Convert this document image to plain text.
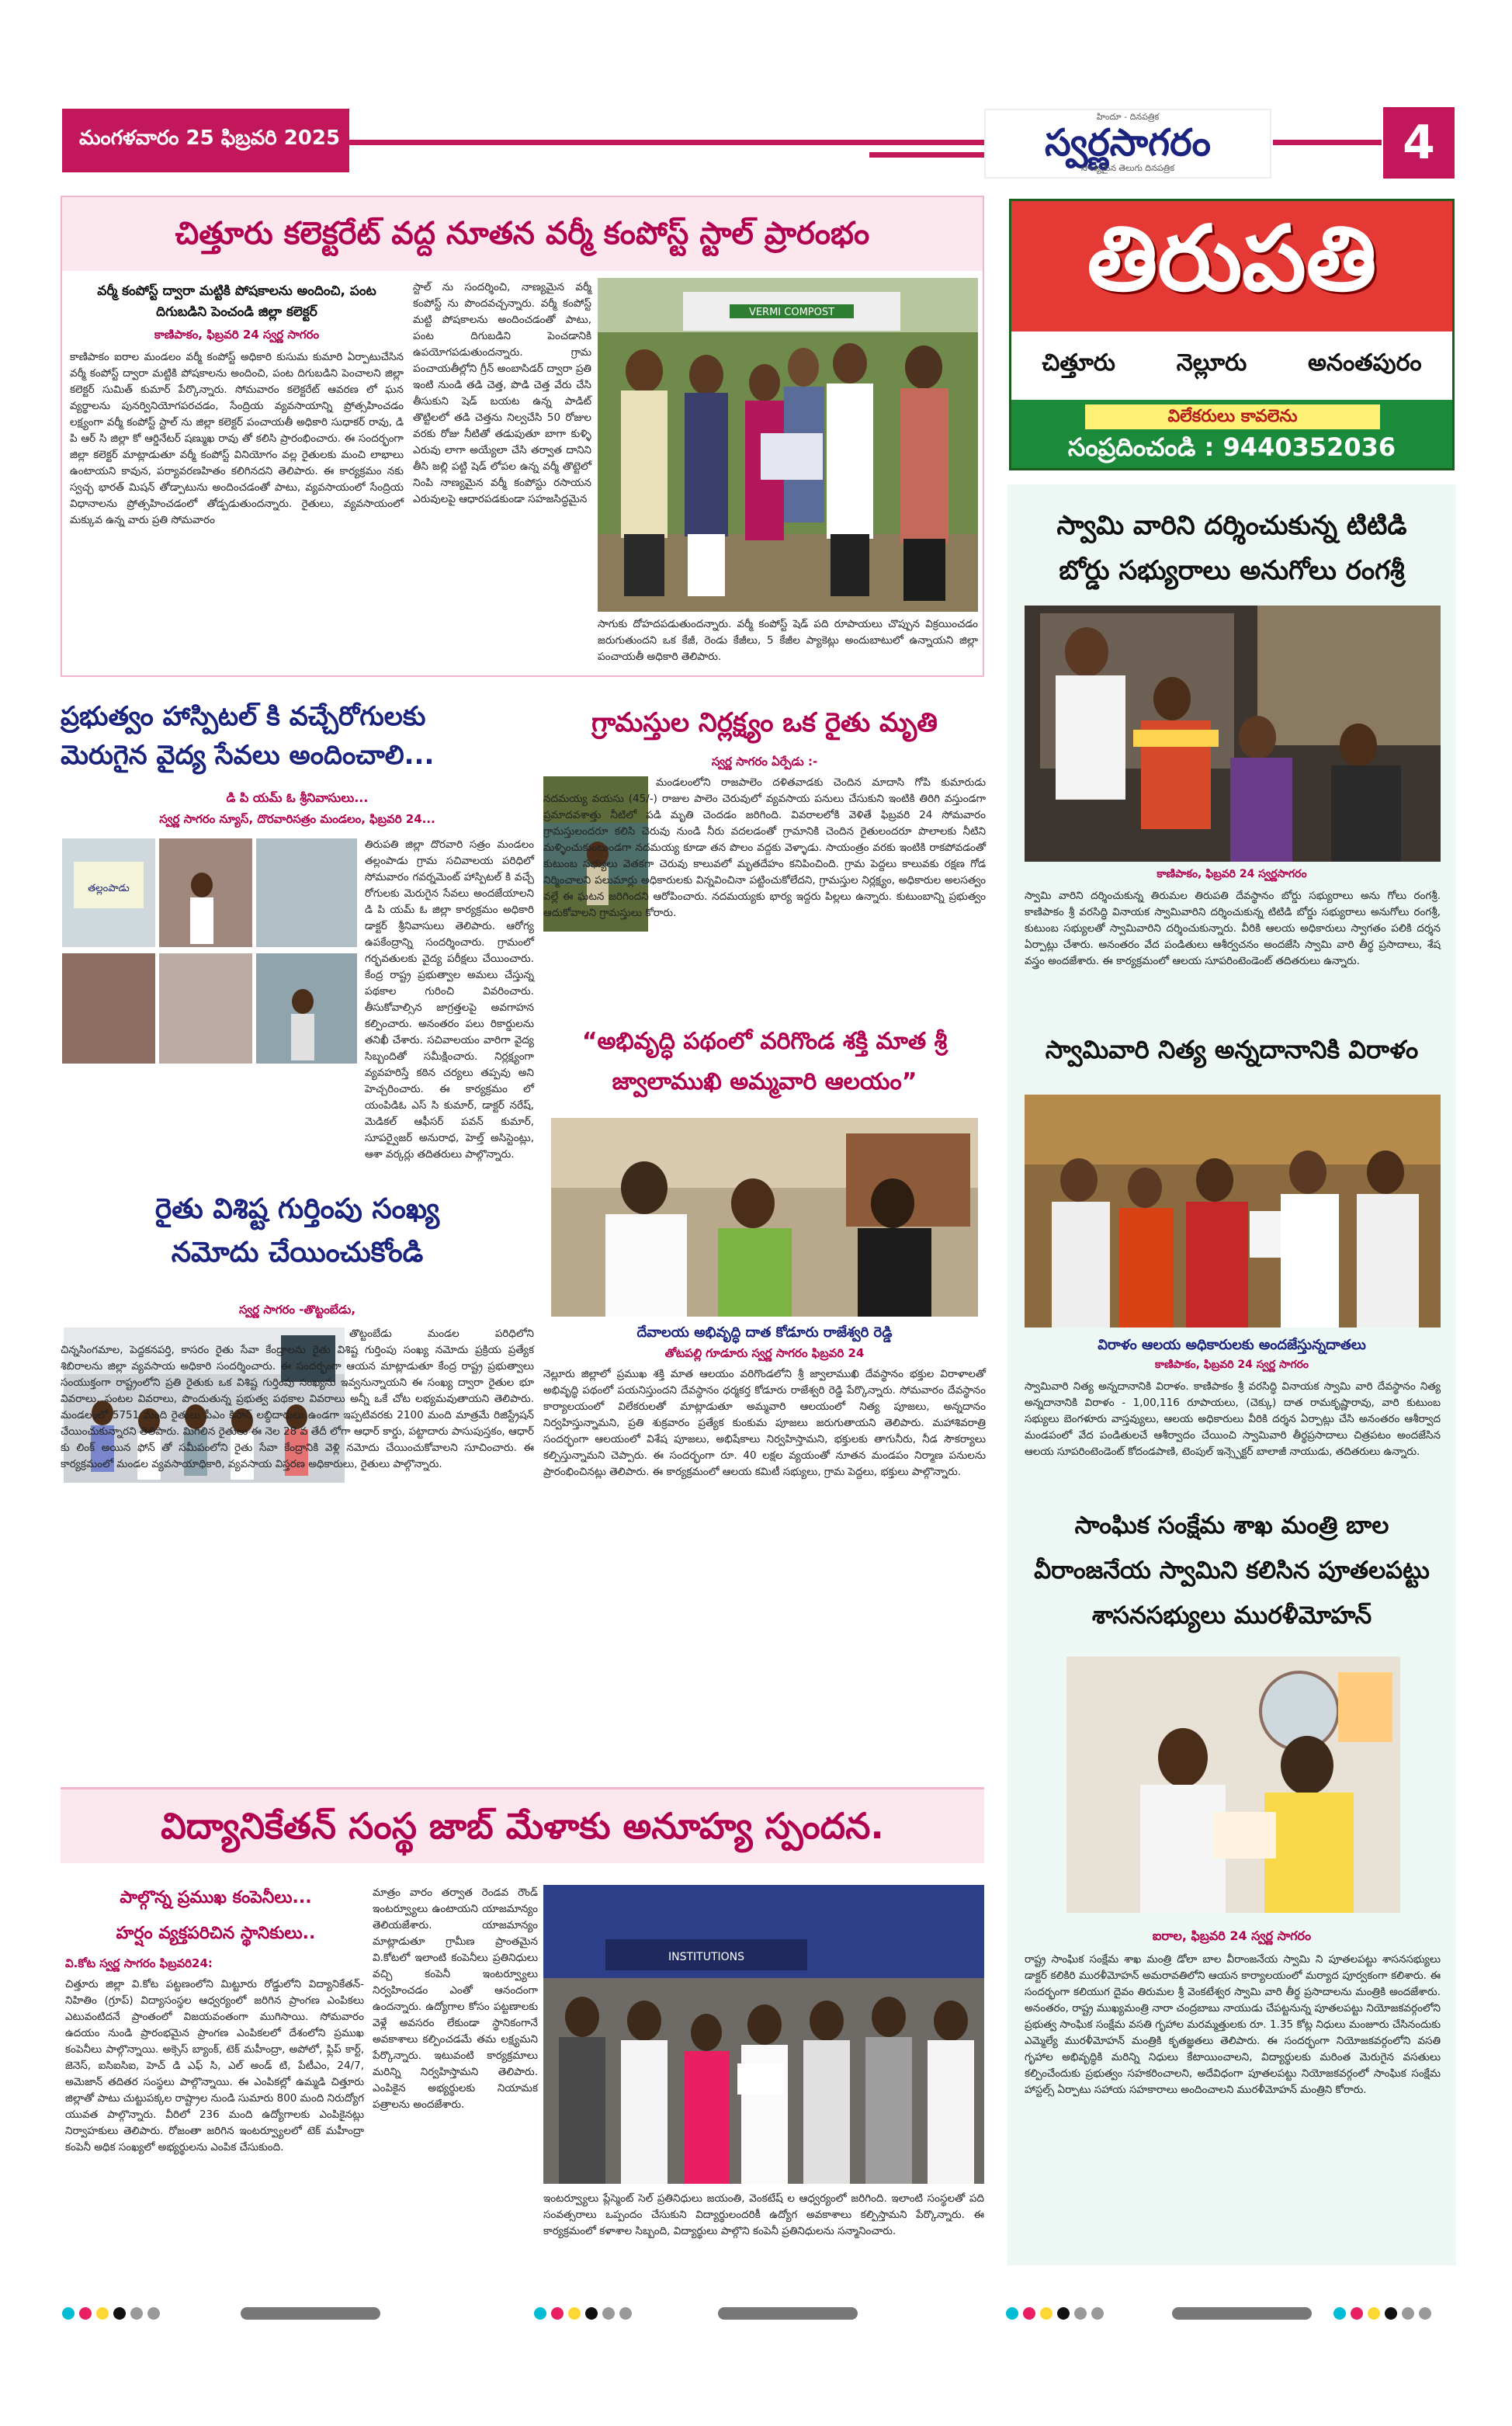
మంగళవారం 25 ఫిబ్రవరి 2025
హిందూ - దినపత్రిక
స్వర్ణసాగరం
నాణ్యమైన తెలుగు దినపత్రిక	4
చిత్తూరు కలెక్టరేట్ వద్ద నూతన వర్మీ కంపోస్ట్ స్టాల్ ప్రారంభం
వర్మీ కంపోస్ట్ ద్వారా మట్టికి పోషకాలను అందించి, పంట దిగుబడిని పెంచండి జిల్లా కలెక్టర్
కాణిపాకం, ఫిబ్రవరి 24 స్వర్ణ సాగరం
కాణిపాకం ఐరాల మండలం వర్మీ కంపోస్ట్ అధికారి కుసుమ కుమారి ఏర్పాటుచేసిన వర్మీ కంపోస్ట్ ద్వారా మట్టికి పోషకాలను అందించి, పంట దిగుబడిని పెంచాలని జిల్లా కలెక్టర్ సుమిత్ కుమార్ పేర్కొన్నారు. సోమవారం కలెక్టరేట్ ఆవరణ లో ఘన వ్యర్థాలను పునర్వినియోగపరచడం, సేంద్రియ వ్యవసాయాన్ని ప్రోత్సహించడం లక్ష్యంగా వర్మీ కంపోస్ట్ స్టాల్ ను జిల్లా కలెక్టర్ పంచాయతీ అధికారి సుధాకర్ రావు, డి పి ఆర్ సి జిల్లా కో ఆర్డినేటర్ షణ్ముఖ రావు తో కలిసి ప్రారంభించారు. ఈ సందర్భంగా జిల్లా కలెక్టర్ మాట్లాడుతూ వర్మీ కంపోస్ట్ వినియోగం వల్ల రైతులకు మంచి లాభాలు ఉంటాయని కావున, పర్యావరణహితం కలిగినదని తెలిపారు. ఈ కార్యక్రమం నకు స్వచ్ఛ భారత్ మిషన్ తోడ్పాటును అందించడంతో పాటు, వ్యవసాయంలో సేంద్రియ విధానాలను ప్రోత్సహించడంలో తోడ్పడుతుందన్నారు. రైతులు, వ్యవసాయంలో మక్కువ ఉన్న వారు ప్రతి సోమవారం
స్టాల్ ను సందర్శించి, నాణ్యమైన వర్మీ కంపోస్ట్ ను పొందవచ్చన్నారు. వర్మీ కంపోస్ట్ మట్టి పోషకాలను అందించడంతో పాటు, పంట దిగుబడిని పెంచడానికి ఉపయోగపడుతుందన్నారు. గ్రామ పంచాయతీల్లోని గ్రీన్ అంబాసిడర్ ద్వారా ప్రతి ఇంటి నుండి తడి చెత్త, పొడి చెత్త వేరు చేసి తీసుకుని షెడ్ బయట ఉన్న పాడిట్ తొట్టిలలో తడి చెత్తను నిల్వచేసి 50 రోజుల వరకు రోజు నీటితో తడుపుతూ బాగా కుళ్ళి ఎరువు లాగా అయ్యేలా చేసి తర్వాత దానిని తీసి జల్లి పట్టి షెడ్ లోపల ఉన్న వర్మీ తొట్టెలో నింపి నాణ్యమైన వర్మీ కంపోస్టు రసాయన ఎరువులపై ఆధారపడకుండా సహజసిద్ధమైన
VERMI COMPOST
సాగుకు దోహదపడుతుందన్నారు. వర్మీ కంపోస్ట్ షెడ్ పది రూపాయలు చొప్పున విక్రయించడం జరుగుతుందని ఒక కేజీ, రెండు కేజీలు, 5 కేజీల ప్యాకెట్లు అందుబాటులో ఉన్నాయని జిల్లా పంచాయతీ అధికారి తెలిపారు.
తిరుపతి
చిత్తూరు	నెల్లూరు	అనంతపురం
విలేకరులు కావలెను
సంప్రదించండి : 9440352036
స్వామి వారిని దర్శించుకున్న టిటిడి
బోర్డు సభ్యురాలు అనుగోలు రంగశ్రీ
కాణిపాకం, ఫిబ్రవరి 24 స్వర్ణసాగరం
స్వామి వారిని దర్శించుకున్న తిరుమల తిరుపతి దేవస్థానం బోర్డు సభ్యురాలు అను గోలు రంగశ్రీ. కాణిపాకం శ్రీ వరసిద్ధి వినాయక స్వామివారిని దర్శించుకున్న టిటిడి బోర్డు సభ్యురాలు అనుగోలు రంగశ్రీ, కుటుంబ సభ్యులతో స్వామివారిని దర్శించుకున్నారు. వీరికి ఆలయ అధికారులు స్వాగతం పలికి దర్శన ఏర్పాట్లు చేశారు. అనంతరం వేద పండితులు ఆశీర్వచనం అందజేసి స్వామి వారి తీర్థ ప్రసాదాలు, శేష వస్త్రం అందజేశారు. ఈ కార్యక్రమంలో ఆలయ సూపరింటెండెంట్ తదితరులు ఉన్నారు.
స్వామివారి నిత్య అన్నదానానికి విరాళం
విరాళం ఆలయ అధికారులకు అందజేస్తున్నదాతలు
కాణిపాకం, ఫిబ్రవరి 24 స్వర్ణ సాగరం
స్వామివారి నిత్య అన్నదానానికి విరాళం. కాణిపాకం శ్రీ వరసిద్ధి వినాయక స్వామి వారి దేవస్థానం నిత్య అన్నదానానికి విరాళం - 1,00,116 రూపాయలు, (చెక్కు) దాత రామకృష్ణారావు, వారి కుటుంబ సభ్యులు బెంగళూరు వాస్తవ్యులు, ఆలయ అధికారులు వీరికి దర్శన ఏర్పాట్లు చేసి అనంతరం ఆశీర్వాద మండపంలో వేద పండితులచే ఆశీర్వాదం చేయించి స్వామివారి తీర్థప్రసాదాలు చిత్రపటం అందజేసిన ఆలయ సూపరింటెండెంట్ కోదండపాణి, టెంపుల్ ఇన్స్పెక్టర్ బాలాజీ నాయుడు, తదితరులు ఉన్నారు.
సాంఘిక సంక్షేమ శాఖ మంత్రి బాల
వీరాంజనేయ స్వామిని కలిసిన పూతలపట్టు
శాసనసభ్యులు మురళీమోహన్
ఐరాల, ఫిబ్రవరి 24 స్వర్ణ సాగరం
రాష్ట్ర సాంఘిక సంక్షేమ శాఖ మంత్రి డోలా బాల వీరాంజనేయ స్వామి ని పూతలపట్టు శాసనసభ్యులు డాక్టర్ కలికిరి మురళీమోహన్ అమరావతిలోని ఆయన కార్యాలయంలో మర్యాద పూర్వకంగా కలిశారు. ఈ సందర్భంగా కలియుగ దైవం తిరుమల శ్రీ వెంకటేశ్వర స్వామి వారి తీర్థ ప్రసాదాలను మంత్రికి అందజేశారు. అనంతరం, రాష్ట్ర ముఖ్యమంత్రి నారా చంద్రబాబు నాయుడు చేపట్టనున్న పూతలపట్టు నియోజకవర్గంలోని ప్రభుత్వ సాంఘిక సంక్షేమ వసతి గృహాల మరమ్మత్తులకు రూ. 1.35 కోట్ల నిధులు మంజూరు చేసినందుకు ఎమ్మెల్యే మురళీమోహన్ మంత్రికి కృతజ్ఞతలు తెలిపారు. ఈ సందర్భంగా నియోజకవర్గంలోని వసతి గృహాల అభివృద్ధికి మరిన్ని నిధులు కేటాయించాలని, విద్యార్థులకు మరింత మెరుగైన వసతులు కల్పించేందుకు ప్రభుత్వం సహకరించాలని, అదేవిధంగా పూతలపట్టు నియోజకవర్గంలో సాంఘిక సంక్షేమ హాస్టల్స్ ఏర్పాటు సహాయ సహకారాలు అందించాలని మురళీమోహన్ మంత్రిని కోరారు.
ప్రభుత్వం హాస్పిటల్ కి వచ్చేరోగులకు
మెరుగైన వైద్య సేవలు అందించాలి...
డి పి యమ్ ఓ శ్రీనివాసులు...
స్వర్ణ సాగరం న్యూస్, దొరవారిసత్రం మండలం, ఫిబ్రవరి 24...
తల్లంపాడు
తిరుపతి జిల్లా దొరవారి సత్రం మండలం తల్లంపాడు గ్రామ సచివాలయ పరిధిలో సోమవారం గవర్నమెంట్ హాస్పిటల్ కి వచ్చే రోగులకు మెరుగైన సేవలు అందజేయాలని డి పి యమ్ ఓ జిల్లా కార్యక్రమం అధికారి డాక్టర్ శ్రీనివాసులు తెలిపారు. ఆరోగ్య ఉపకేంద్రాన్ని సందర్శించారు. గ్రామంలో గర్భవతులకు వైద్య పరీక్షలు చేయించారు. కేంద్ర రాష్ట్ర ప్రభుత్వాల అమలు చేస్తున్న పథకాల గురించి వివరించారు. తీసుకోవాల్సిన జాగ్రత్తలపై అవగాహన కల్పించారు. అనంతరం పలు రికార్డులను తనిఖీ చేశారు. సచివాలయం వారిగా వైద్య సిబ్బందితో సమీక్షించారు. నిర్లక్ష్యంగా వ్యవహరిస్తే కఠిన చర్యలు తప్పవు అని హెచ్చరించారు. ఈ కార్యక్రమం లో యంపిడిఓ ఎస్ సి కుమార్, డాక్టర్ నరేష్, మెడికల్ ఆఫీసర్ పవన్ కుమార్, సూపర్వైజర్ అనురాధ, హెల్త్ అసిస్టెంట్లు, ఆశా వర్కర్లు తదితరులు పాల్గొన్నారు.
రైతు విశిష్ట గుర్తింపు సంఖ్య
నమోదు చేయించుకోండి
స్వర్ణ సాగరం -తొట్టంబేడు,
తొట్టంబేడు మండల పరిధిలోని చిన్నసింగమాల, పెద్దకనపర్తి, కాసరం రైతు సేవా కేంద్రాలను రైతు విశిష్ట గుర్తింపు సంఖ్య నమోదు ప్రక్రియ ప్రత్యేక శిబిరాలను జిల్లా వ్యవసాయ అధికారి సందర్శించారు. ఈ సందర్భంగా ఆయన మాట్లాడుతూ కేంద్ర రాష్ట్ర ప్రభుత్వాలు సంయుక్తంగా రాష్ట్రంలోని ప్రతి రైతుకు ఒక విశిష్ట గుర్తింపు సంఖ్యను ఇవ్వనున్నాయని ఈ సంఖ్య ద్వారా రైతుల భూ వివరాలు, పంటల వివరాలు, పొందుతున్న ప్రభుత్వ పథకాల వివరాలు అన్నీ ఒకే చోట లభ్యమవుతాయని తెలిపారు. మండలంలో 5751 మంది రైతులు పీఎం కిసాన్ లబ్ధిదారులు ఉండగా ఇప్పటివరకు 2100 మంది మాత్రమే రిజిస్ట్రేషన్ చేయించుకున్నారని తెలిపారు. మిగిలిన రైతులు ఈ నెల 28 వ తేదీ లోగా ఆధార్ కార్డు, పట్టాదారు పాసుపుస్తకం, ఆధార్ కు లింక్ అయిన ఫోన్ తో సమీపంలోని రైతు సేవా కేంద్రానికి వెళ్లి నమోదు చేయించుకోవాలని సూచించారు. ఈ కార్యక్రమంలో మండల వ్యవసాయాధికారి, వ్యవసాయ విస్తరణ అధికారులు, రైతులు పాల్గొన్నారు.
గ్రామస్తుల నిర్లక్ష్యం ఒక రైతు మృతి
స్వర్ణ సాగరం ఏర్పేడు :-
మండలంలోని రాజపాలెం దళితవాడకు చెందిన మాదాసి గోపి కుమారుడు నదమయ్య వయసు (45/-) రాజుల పాలెం చెరువులో వ్యవసాయ పనులు చేసుకుని ఇంటికి తిరిగి వస్తుండగా ప్రమాదవశాత్తు నీటిలో పడి మృతి చెందడం జరిగింది. వివరాలలోకి వెళితే ఫిబ్రవరి 24 సోమవారం గ్రామస్తులందరూ కలిసి చెరువు నుండి నీరు వదలడంతో గ్రామానికి చెందిన రైతులందరూ పొలాలకు నీటిని మళ్ళించుకుంటుండగా నదమయ్య కూడా తన పొలం వద్దకు వెళ్ళాడు. సాయంత్రం వరకు ఇంటికి రాకపోవడంతో కుటుంబ సభ్యులు వెతకగా చెరువు కాలువలో మృతదేహం కనిపించింది. గ్రామ పెద్దలు కాలువకు రక్షణ గోడ నిర్మించాలని పలుమార్లు అధికారులకు విన్నవించినా పట్టించుకోలేదని, గ్రామస్తుల నిర్లక్ష్యం, అధికారుల అలసత్వం వల్లే ఈ ఘటన జరిగిందని ఆరోపించారు. నదమయ్యకు భార్య ఇద్దరు పిల్లలు ఉన్నారు. కుటుంబాన్ని ప్రభుత్వం ఆదుకోవాలని గ్రామస్తులు కోరారు.
“అభివృద్ధి పథంలో వరిగొండ శక్తి మాత శ్రీ
జ్వాలాముఖి అమ్మవారి ఆలయం”
దేవాలయ అభివృద్ధి దాత కోడూరు రాజేశ్వరి రెడ్డి
తోటపల్లి గూడూరు స్వర్ణ సాగరం ఫిబ్రవరి 24
నెల్లూరు జిల్లాలో ప్రముఖ శక్తి మాత ఆలయం వరిగొండలోని శ్రీ జ్వాలాముఖి దేవస్థానం భక్తుల విరాళాలతో అభివృద్ధి పథంలో పయనిస్తుందని దేవస్థానం ధర్మకర్త కోడూరు రాజేశ్వరి రెడ్డి పేర్కొన్నారు. సోమవారం దేవస్థానం కార్యాలయంలో విలేకరులతో మాట్లాడుతూ అమ్మవారి ఆలయంలో నిత్య పూజలు, అన్నదానం నిర్వహిస్తున్నామని, ప్రతి శుక్రవారం ప్రత్యేక కుంకుమ పూజలు జరుగుతాయని తెలిపారు. మహాశివరాత్రి సందర్భంగా ఆలయంలో విశేష పూజలు, అభిషేకాలు నిర్వహిస్తామని, భక్తులకు తాగునీరు, నీడ సౌకర్యాలు కల్పిస్తున్నామని చెప్పారు. ఈ సందర్భంగా రూ. 40 లక్షల వ్యయంతో నూతన మండపం నిర్మాణ పనులను ప్రారంభించినట్లు తెలిపారు. ఈ కార్యక్రమంలో ఆలయ కమిటీ సభ్యులు, గ్రామ పెద్దలు, భక్తులు పాల్గొన్నారు.
విద్యానికేతన్ సంస్థ జాబ్ మేళాకు అనూహ్య స్పందన.
పాల్గొన్న ప్రముఖ కంపెనీలు...
హర్షం వ్యక్తపరిచిన స్థానికులు..
వి.కోట స్వర్ణ సాగరం ఫిబ్రవరి24:
చిత్తూరు జిల్లా వి.కోట పట్టణంలోని మిట్టూరు రోడ్డులోని విద్యానికేతన్-నిహితిం (గ్రూప్) విద్యాసంస్థల ఆధ్వర్యంలో జరిగిన ప్రాంగణ ఎంపికలు ఎటువంటిదనే ప్రాంతంలో విజయవంతంగా ముగిసాయి. సోమవారం ఉదయం నుండి ప్రారంభమైన ప్రాంగణ ఎంపికలలో దేశంలోని ప్రముఖ కంపెనీలు పాల్గొన్నాయి. అక్సెస్ బ్యాంక్, టెక్ మహీంద్రా, అపోలో, ఫ్లిప్ కార్ట్, జెనెస్, ఐసిఐసిఐ, హెచ్ డి ఎఫ్ సి, ఎల్ అండ్ టి, పేటీఎం, 24/7, అమెజాన్ తదితర సంస్థలు పాల్గొన్నాయి. ఈ ఎంపికల్లో ఉమ్మడి చిత్తూరు జిల్లాతో పాటు చుట్టుపక్కల రాష్ట్రాల నుండి సుమారు 800 మంది నిరుద్యోగ యువత పాల్గొన్నారు. వీరిలో 236 మంది ఉద్యోగాలకు ఎంపికైనట్లు నిర్వాహకులు తెలిపారు. రోజంతా జరిగిన ఇంటర్వ్యూలలో టెక్ మహీంద్రా కంపెనీ అధిక సంఖ్యలో అభ్యర్థులను ఎంపిక చేసుకుంది.
మాత్రం వారం తర్వాత రెండవ రౌండ్ ఇంటర్వ్యూలు ఉంటాయని యాజమాన్యం తెలియజేశారు. యాజమాన్యం మాట్లాడుతూ గ్రామీణ ప్రాంతమైన వి.కోటలో ఇలాంటి కంపెనీలు ప్రతినిధులు వచ్చి కంపెనీ ఇంటర్వ్యూలు నిర్వహించడం ఎంతో ఆనందంగా ఉందన్నారు. ఉద్యోగాల కోసం పట్టణాలకు వెళ్లే అవసరం లేకుండా స్థానికంగానే అవకాశాలు కల్పించడమే తమ లక్ష్యమని పేర్కొన్నారు. ఇటువంటి కార్యక్రమాలు మరిన్ని నిర్వహిస్తామని తెలిపారు. ఎంపికైన అభ్యర్థులకు నియామక పత్రాలను అందజేశారు.
INSTITUTIONS
ఇంటర్వ్యూలు ప్లేస్మెంట్ సెల్ ప్రతినిధులు జయంతి, వెంకటేష్ ల ఆధ్వర్యంలో జరిగింది. ఇలాంటి సంస్థలతో పది సంవత్సరాలు ఒప్పందం చేసుకుని విద్యార్థులందరికీ ఉద్యోగ అవకాశాలు కల్పిస్తామని పేర్కొన్నారు. ఈ కార్యక్రమంలో కళాశాల సిబ్బంది, విద్యార్థులు పాల్గొని కంపెనీ ప్రతినిధులను సన్మానించారు.
